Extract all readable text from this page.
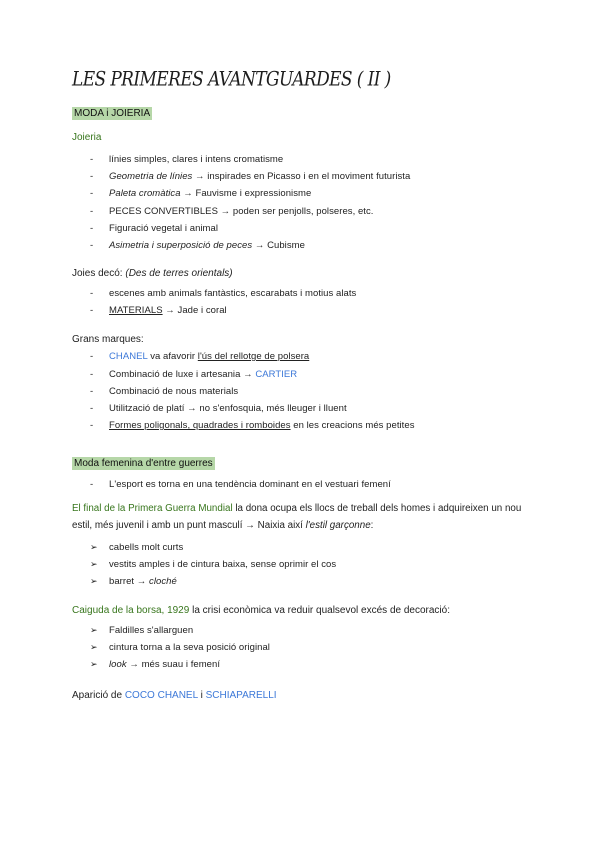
LES PRIMERES AVANTGUARDES ( II )
MODA i JOIERIA
Joieria
- línies simples, clares i intens cromatisme
- Geometria de línies → inspirades en Picasso i en el moviment futurista
- Paleta cromàtica → Fauvisme i expressionisme
- PECES CONVERTIBLES → poden ser penjolls, polseres, etc.
- Figuració vegetal i animal
- Asimetria i superposició de peces → Cubisme
Joies decó: (Des de terres orientals)
- escenes amb animals fantàstics, escarabats i motius alats
- MATERIALS → Jade i coral
Grans marques:
- CHANEL va afavorir l'ús del rellotge de polsera
- Combinació de luxe i artesania → CARTIER
- Combinació de nous materials
- Utilització de platí → no s'enfosquia, més lleuger i lluent
- Formes poligonals, quadrades i romboides en les creacions més petites
Moda femenina d'entre guerres
- L'esport es torna en una tendència dominant en el vestuari femení
El final de la Primera Guerra Mundial la dona ocupa els llocs de treball dels homes i adquireixen un nou estil, més juvenil i amb un punt masculí → Naixia així l'estil garçonne:
➢ cabells molt curts
➢ vestits amples i de cintura baixa, sense oprimir el cos
➢ barret → cloché
Caiguda de la borsa, 1929 la crisi econòmica va reduir qualsevol excés de decoració:
➢ Faldilles s'allarguen
➢ cintura torna a la seva posició original
➢ look → més suau i femení
Aparició de COCO CHANEL i SCHIAPARELLI
